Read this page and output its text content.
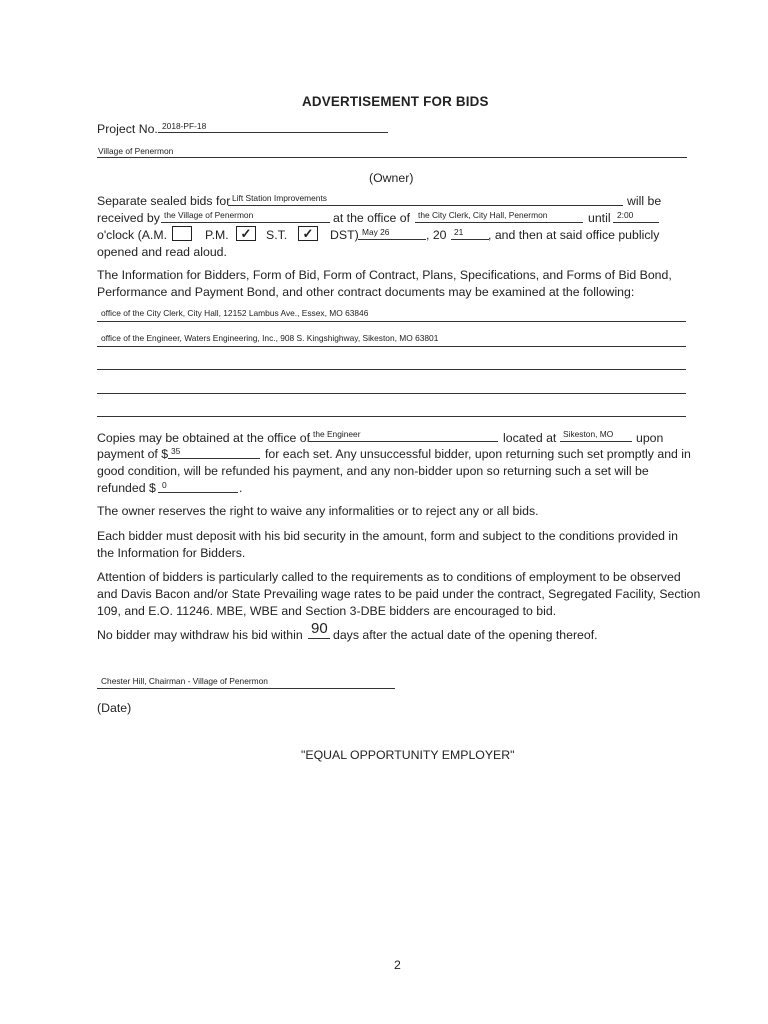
ADVERTISEMENT FOR BIDS
Project No. 2018-PF-18
Village of Penermon
(Owner)
Separate sealed bids for Lift Station Improvements	will be
received by the Village of Penermon	at the office of the City Clerk, City Hall, Penermon	until 2:00
o'clock (A.M.	P.M. ✓	S.T.	✓	DST) May 26	, 20 21 , and then at said office publicly
opened and read aloud.
The Information for Bidders, Form of Bid, Form of Contract, Plans, Specifications, and Forms of Bid Bond,
Performance and Payment Bond, and other contract documents may be examined at the following:
office of the City Clerk, City Hall, 12152 Lambus Ave., Essex, MO 63846
office of the Engineer, Waters Engineering, Inc., 908 S. Kingshighway, Sikeston, MO 63801
Copies may be obtained at the office of the Engineer	located at Sikeston, MO upon
payment of $ 35	for each set. Any unsuccessful bidder, upon returning such set promptly and in
good condition, will be refunded his payment, and any non-bidder upon so returning such a set will be
refunded $ 0	.
The owner reserves the right to waive any informalities or to reject any or all bids.
Each bidder must deposit with his bid security in the amount, form and subject to the conditions provided in
the Information for Bidders.
Attention of bidders is particularly called to the requirements as to conditions of employment to be observed
and Davis Bacon and/or State Prevailing wage rates to be paid under the contract, Segregated Facility, Section
109, and E.O. 11246. MBE, WBE and Section 3-DBE bidders are encouraged to bid.
No bidder may withdraw his bid within 90 days after the actual date of the opening thereof.
Chester Hill, Chairman - Village of Penermon
(Date)
"EQUAL OPPORTUNITY EMPLOYER"
2
